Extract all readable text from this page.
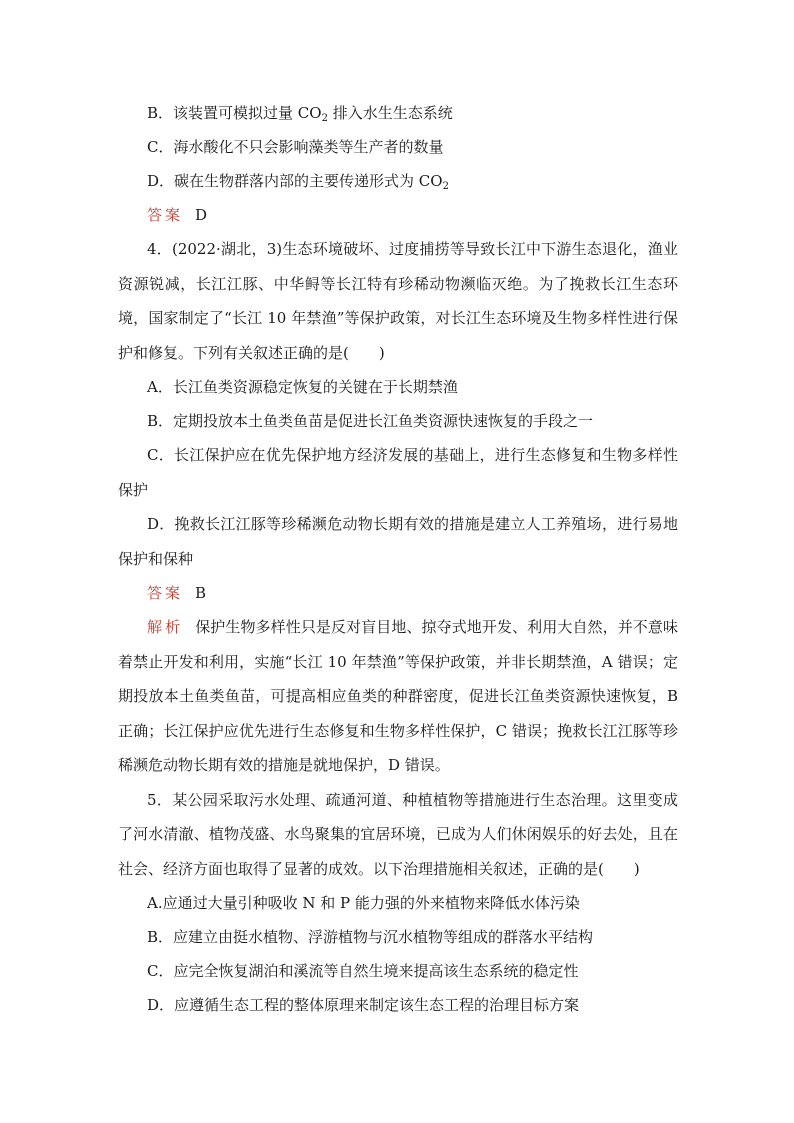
B．该装置可模拟过量 $CO_2$ 排入水生生态系统
C．海水酸化不只会影响藻类等生产者的数量
D．碳在生物群落内部的主要传递形式为 $CO_2$
答案 D

4．(2022·湖北，3)生态环境破坏、过度捕捞等导致长江中下游生态退化，渔业资源锐减，长江江豚、中华鲟等长江特有珍稀动物濒临灭绝。为了挽救长江生态环境，国家制定了“长江 10 年禁渔”等保护政策，对长江生态环境及生物多样性进行保护和修复。下列有关叙述正确的是(　　)

A．长江鱼类资源稳定恢复的关键在于长期禁渔
B．定期投放本土鱼类鱼苗是促进长江鱼类资源快速恢复的手段之一

C．长江保护应在优先保护地方经济发展的基础上，进行生态修复和生物多样性保护

D．挽救长江江豚等珍稀濒危动物长期有效的措施是建立人工养殖场，进行易地保护和保种

答案 B

解析 保护生物多样性只是反对盲目地、掠夺式地开发、利用大自然，并不意味着禁止开发和利用，实施“长江 10 年禁渔”等保护政策，并非长期禁渔，A 错误；定期投放本土鱼类鱼苗，可提高相应鱼类的种群密度，促进长江鱼类资源快速恢复，B 正确；长江保护应优先进行生态修复和生物多样性保护，C 错误；挽救长江江豚等珍稀濒危动物长期有效的措施是就地保护，D 错误。

5．某公园采取污水处理、疏通河道、种植植物等措施进行生态治理。这里变成了河水清澈、植物茂盛、水鸟聚集的宜居环境，已成为人们休闲娱乐的好去处，且在社会、经济方面也取得了显著的成效。以下治理措施相关叙述，正确的是(　　)

A.应通过大量引种吸收 N 和 P 能力强的外来植物来降低水体污染
B．应建立由挺水植物、浮游植物与沉水植物等组成的群落水平结构
C．应完全恢复湖泊和溪流等自然生境来提高该生态系统的稳定性
D．应遵循生态工程的整体原理来制定该生态工程的治理目标方案
